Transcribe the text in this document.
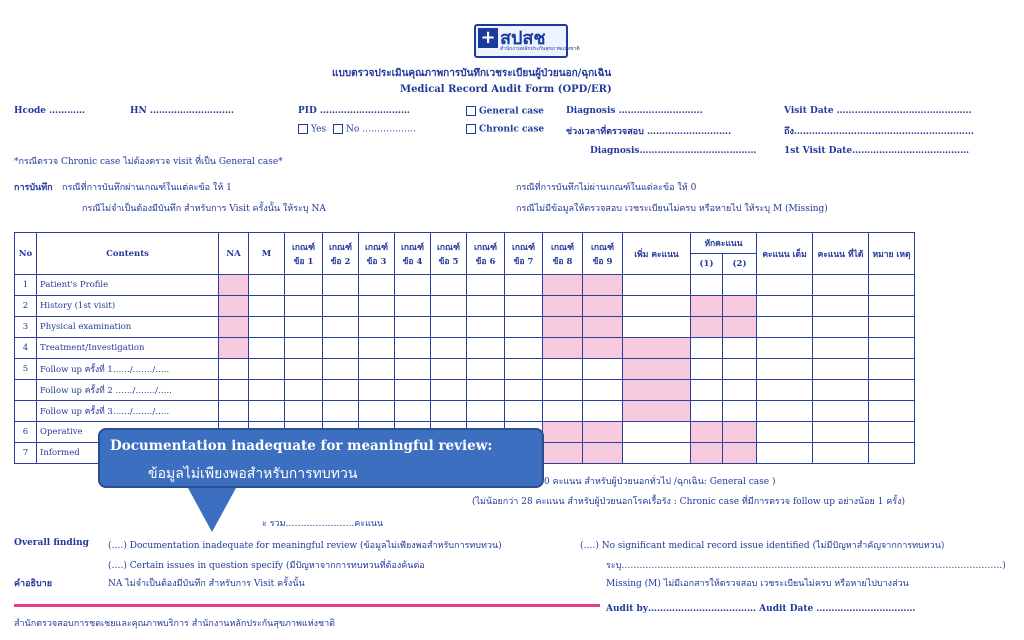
+ สปสช
สำนักงานหลักประกันสุขภาพแห่งชาติ
แบบตรวจประเมินคุณภาพการบันทึกเวชระเบียนผู้ป่วยนอก/ฉุกเฉิน
Medical Record Audit Form (OPD/ER)
Hcode …………	HN ……………………….	PID …………………………
Yes No ………………
General case
Chronic case
Diagnosis ……………………….
ช่วงเวลาที่ตรวจสอบ ……………………….
Diagnosis…………………………………
Visit Date ………………………………………
ถึง……………………………………………………
1st Visit Date…………………………………
*กรณีตรวจ Chronic case ไม่ต้องตรวจ visit ที่เป็น General case*
การบันทึก กรณีที่การบันทึกผ่านเกณฑ์ในแต่ละข้อ ให้ 1
กรณีไม่จำเป็นต้องมีบันทึก สำหรับการ Visit ครั้งนั้น ให้ระบุ NA
กรณีที่การบันทึกไม่ผ่านเกณฑ์ในแต่ละข้อ ให้ 0
กรณีไม่มีข้อมูลให้ตรวจสอบ เวชระเบียนไม่ครบ หรือหายไป ให้ระบุ M (Missing)
No	Contents	NA	M	เกณฑ์ ข้อ 1	เกณฑ์ ข้อ 2	เกณฑ์ ข้อ 3	เกณฑ์ ข้อ 4	เกณฑ์ ข้อ 5	เกณฑ์ ข้อ 6	เกณฑ์ ข้อ 7	เกณฑ์ ข้อ 8	เกณฑ์ ข้อ 9	เพิ่ม คะแนน	หักคะแนน		คะแนน เต็ม	คะแนน ที่ได้	หมาย เหตุ
														(1)	(2)			
1	Patient's Profile																	
2	History (1st visit)																	
3	Physical examination																	
4	Treatment/Investigation																	
5	Follow up ครั้งที่ 1……/……./…..																	
	Follow up ครั้งที่ 2 ……/……./…..																	
	Follow up ครั้งที่ 3……/……./…..																	
6	Operative																	
7	Informed																	
0 คะแนน สำหรับผู้ป่วยนอกทั่วไป /ฉุกเฉิน: General case )
(ไม่น้อยกว่า 28 คะแนน สำหรับผู้ป่วยนอกโรคเรื้อรัง : Chronic case ที่มีการตรวจ follow up อย่างน้อย 1 ครั้ง)
ะ รวม…………………..คะแนน
Overall finding (….) Documentation inadequate for meaningful review (ข้อมูลไม่เพียงพอสำหรับการทบทวน)
(….) Certain issues in question specify (มีปัญหาจากการทบทวนที่ต้องค้นต่อ
(….) No significant medical record issue identified (ไม่มีปัญหาสำคัญจากการทบทวน)
ระบุ……………………………………………………………………………………………………………….)
คำอธิบาย	NA ไม่จำเป็นต้องมีบันทึก สำหรับการ Visit ครั้งนั้น	Missing (M) ไม่มีเอกสารให้ตรวจสอบ เวชระเบียนไม่ครบ หรือหายไปบางส่วน
Audit by……………………………… Audit Date ……………………………
สำนักตรวจสอบการชดเชยและคุณภาพบริการ สำนักงานหลักประกันสุขภาพแห่งชาติ
Documentation inadequate for meaningful review:
ข้อมูลไม่เพียงพอสำหรับการทบทวน
